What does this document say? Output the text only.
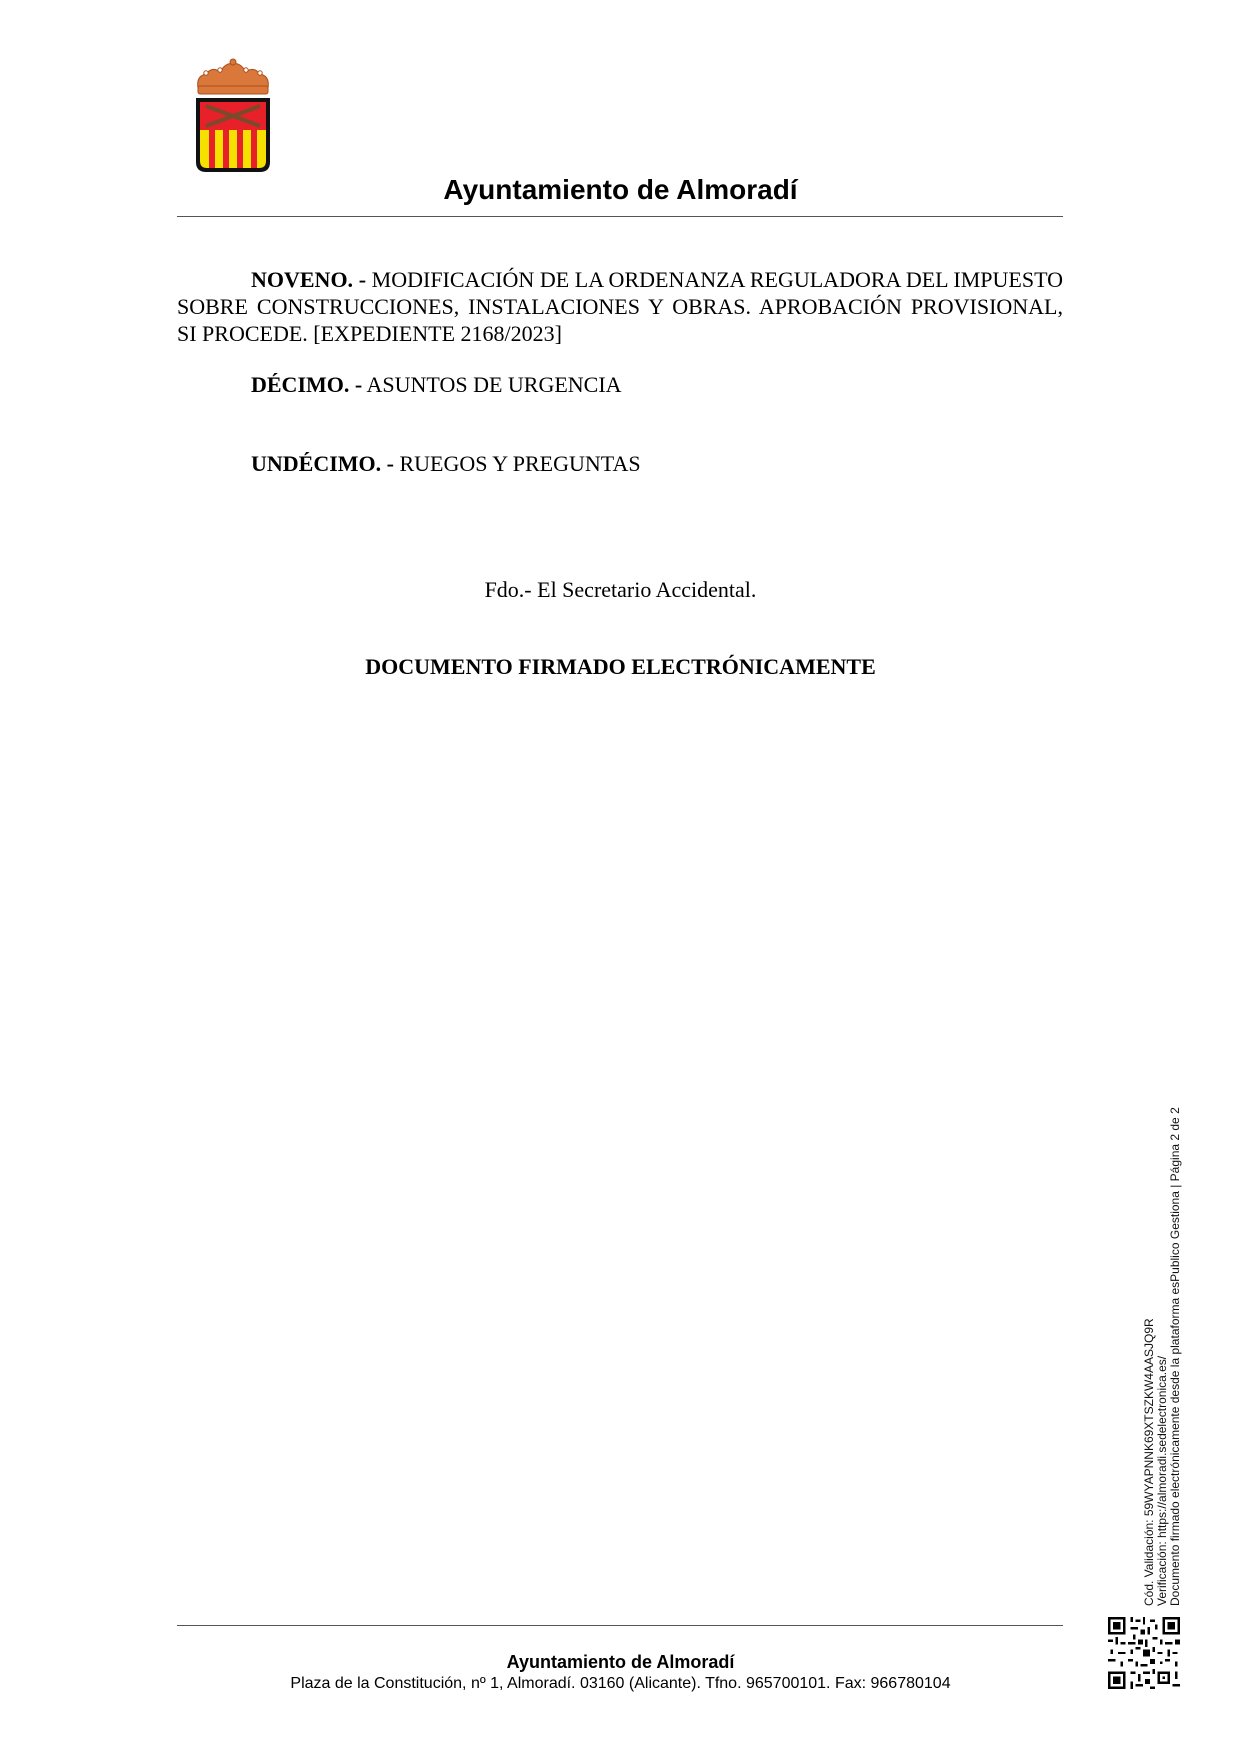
Ayuntamiento de Almoradí
NOVENO. - MODIFICACIÓN DE LA ORDENANZA REGULADORA DEL IMPUESTO SOBRE CONSTRUCCIONES, INSTALACIONES Y OBRAS. APROBACIÓN PROVISIONAL, SI PROCEDE. [EXPEDIENTE 2168/2023]
DÉCIMO. - ASUNTOS DE URGENCIA
UNDÉCIMO. - RUEGOS Y PREGUNTAS
Fdo.- El Secretario Accidental.
DOCUMENTO FIRMADO ELECTRÓNICAMENTE
Ayuntamiento de Almoradí
Plaza de la Constitución, nº 1, Almoradí. 03160 (Alicante). Tfno. 965700101. Fax: 966780104
Cód. Validación: 59WYAPNNK69XTSZKW4AASJQ9R Verificación: https://almoradi.sedelectronica.es/ Documento firmado electrónicamente desde la plataforma esPublico Gestiona | Página 2 de 2
